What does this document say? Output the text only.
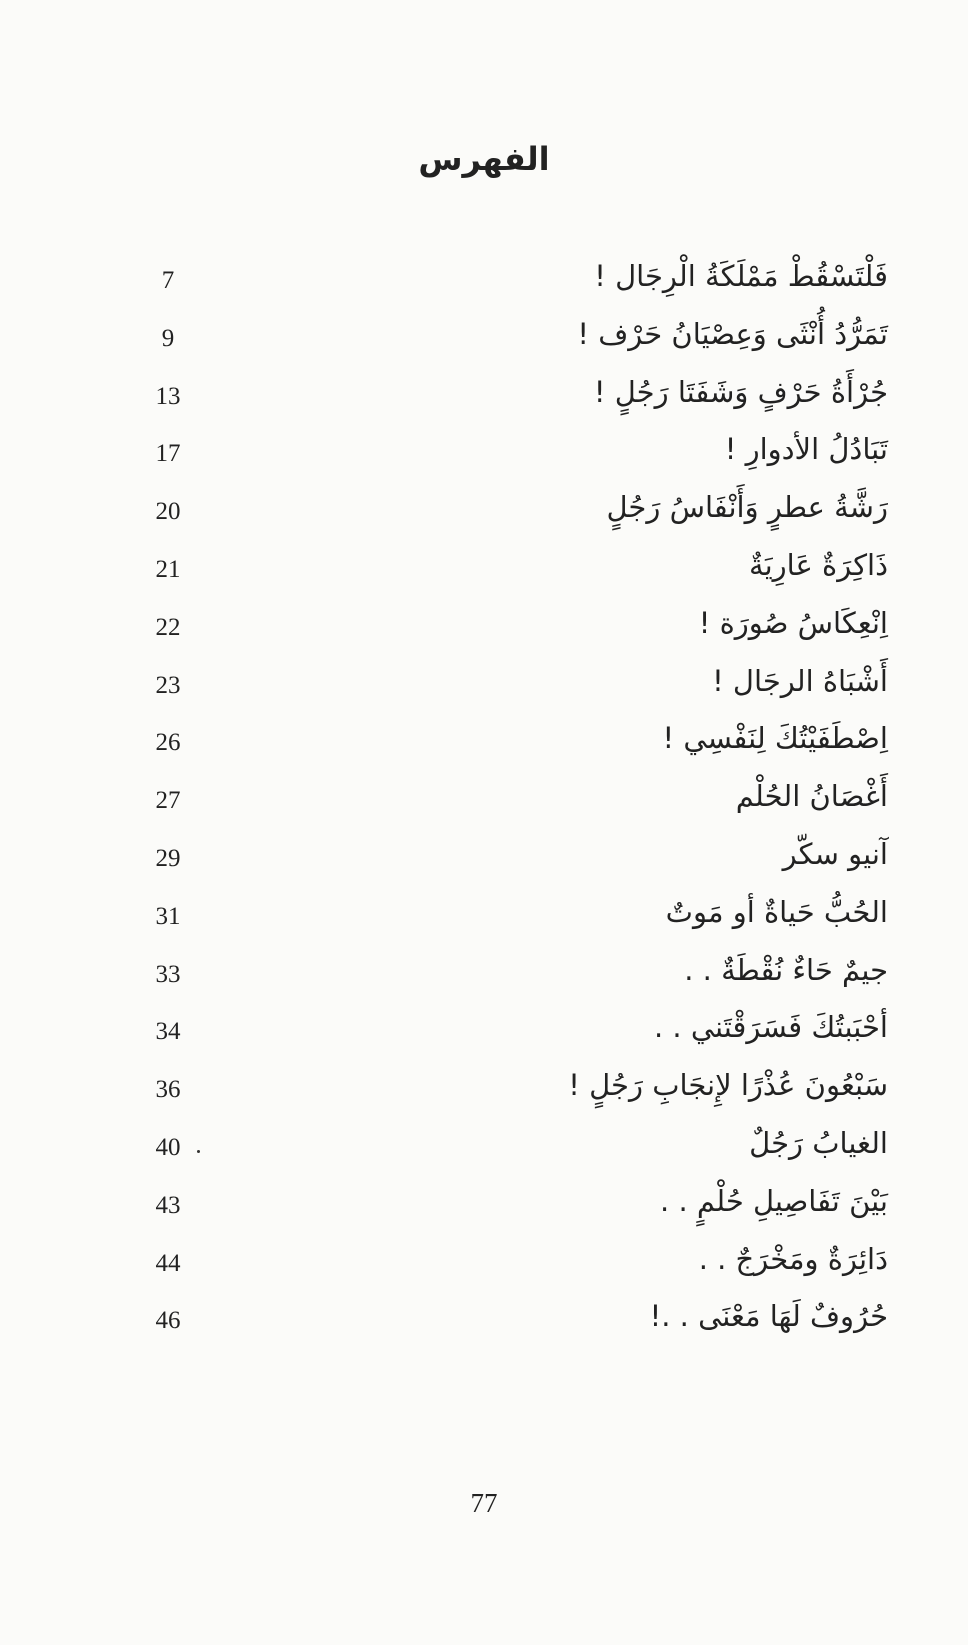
الفهرس
فَلْتَسْقُطْ مَمْلَكَةُ الْرِجَال !
7
تَمَرُّدُ أُنْثَى وَعِصْيَانُ حَرْف !
9
جُرْأَةُ حَرْفٍ وَشَفَتَا رَجُلٍ !
13
تَبَادُلُ الأدوارِ !
17
رَشَّةُ عطرٍ وَأَنْفَاسُ رَجُلٍ
20
ذَاكِرَةٌ عَارِيَةٌ
21
اِنْعِكَاسُ صُورَة !
22
أَشْبَاهُ الرجَال !
23
اِصْطَفَيْتُكَ لِنَفْسِي !
26
أَغْصَانُ الحُلْم
27
آنيو سكّر
29
الحُبُّ حَياةٌ أو مَوتٌ
31
جيمٌ حَاءٌ نُقْطَةٌ . .
33
أحْبَبتُكَ فَسَرَقْتَني . .
34
سَبْعُونَ عُذْرًا لإِنجَابِ رَجُلٍ !
36
الغيابُ رَجُلٌ
40
بَيْنَ تَفَاصِيلِ حُلْمٍ . .
43
دَائِرَةٌ ومَخْرَجٌ . .
44
حُرُوفٌ لَهَا مَعْنَى . .!
46
77
